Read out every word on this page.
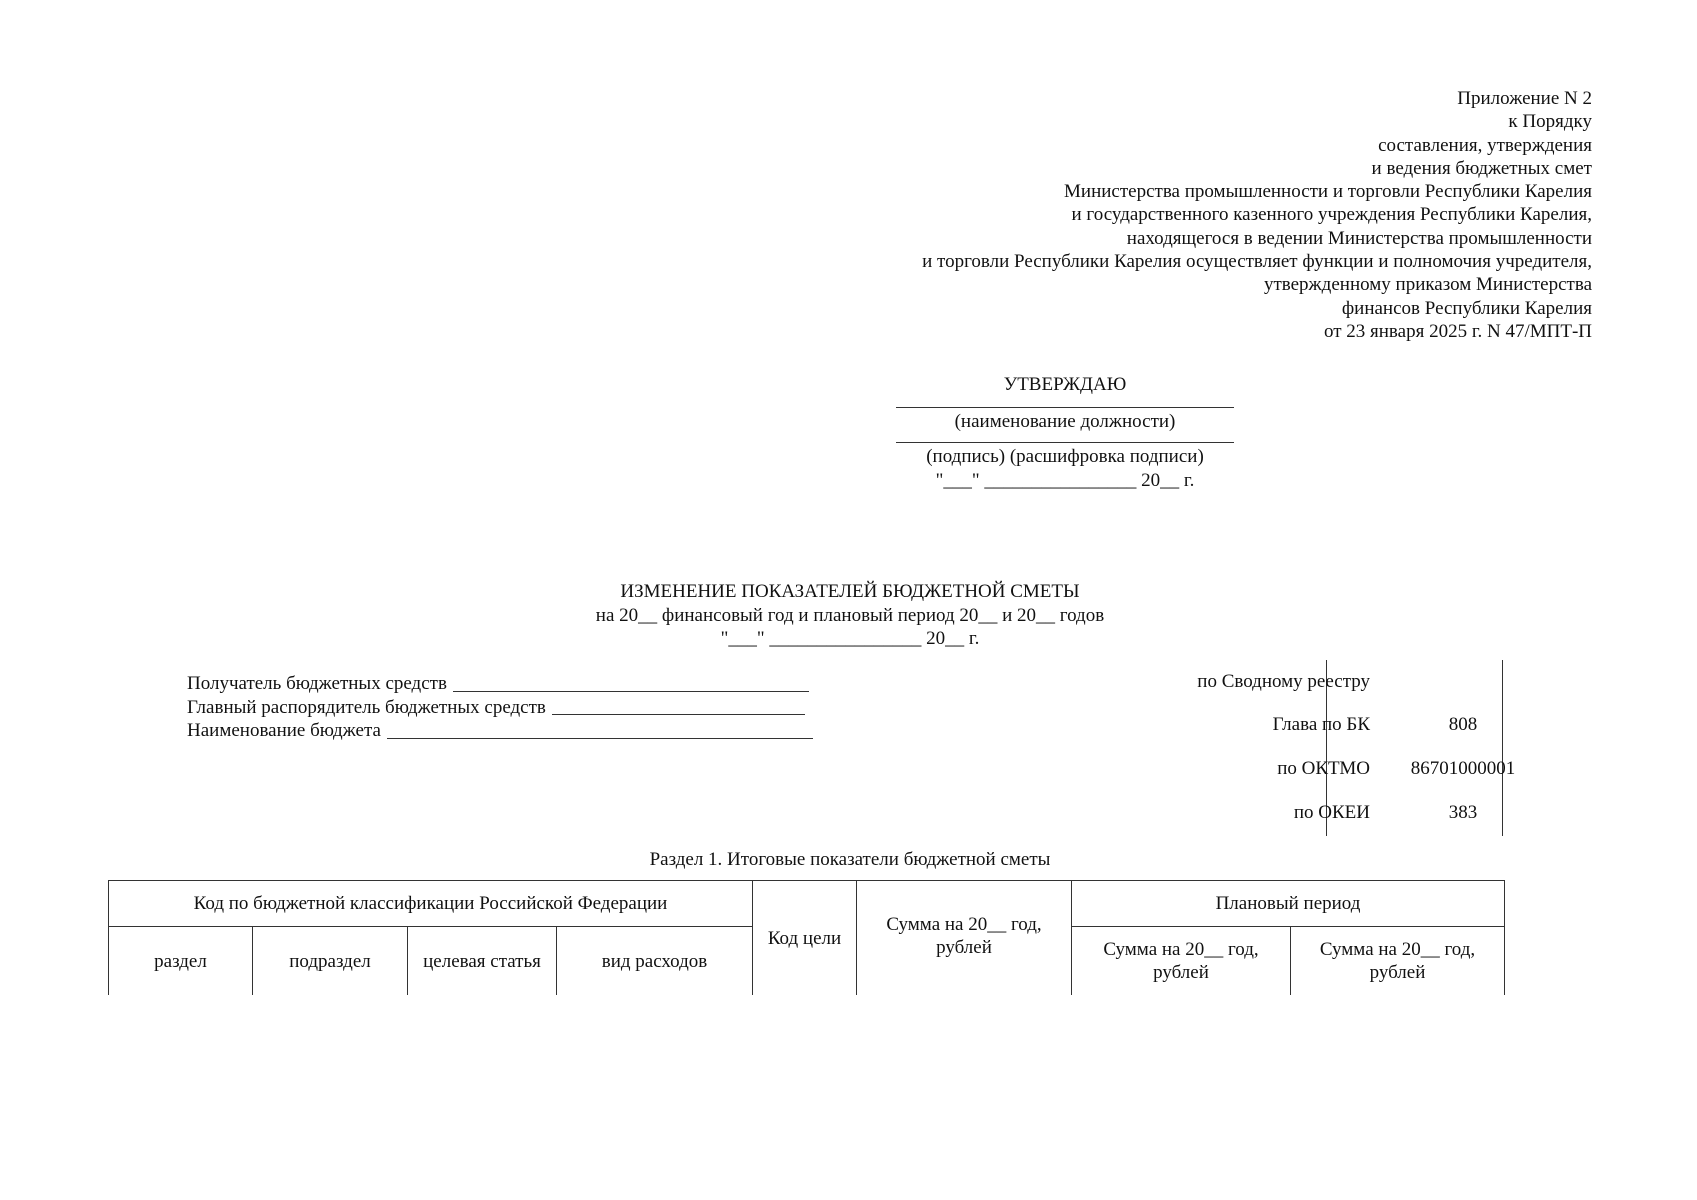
Приложение N 2
к Порядку
составления, утверждения
и ведения бюджетных смет
Министерства промышленности и торговли Республики Карелия
и государственного казенного учреждения Республики Карелия,
находящегося в ведении Министерства промышленности
и торговли Республики Карелия осуществляет функции и полномочия учредителя,
утвержденному приказом Министерства
финансов Республики Карелия
от 23 января 2025 г. N 47/МПТ-П
УТВЕРЖДАЮ
(наименование должности)
(подпись) (расшифровка подписи)
"___" ________________ 20__ г.
ИЗМЕНЕНИЕ ПОКАЗАТЕЛЕЙ БЮДЖЕТНОЙ СМЕТЫ
на 20__ финансовый год и плановый период 20__ и 20__ годов
"___" ________________ 20__ г.
Получатель бюджетных средств
Главный распорядитель бюджетных средств
Наименование бюджета
по Сводному реестру
Глава по БК	808
по ОКТМО	86701000001
по ОКЕИ	383
Раздел 1. Итоговые показатели бюджетной сметы
Код по бюджетной классификации Российской Федерации				Код цели	Сумма на 20__ год, рублей	Плановый период	
раздел	подраздел	целевая статья	вид расходов			Сумма на 20__ год, рублей	Сумма на 20__ год, рублей
